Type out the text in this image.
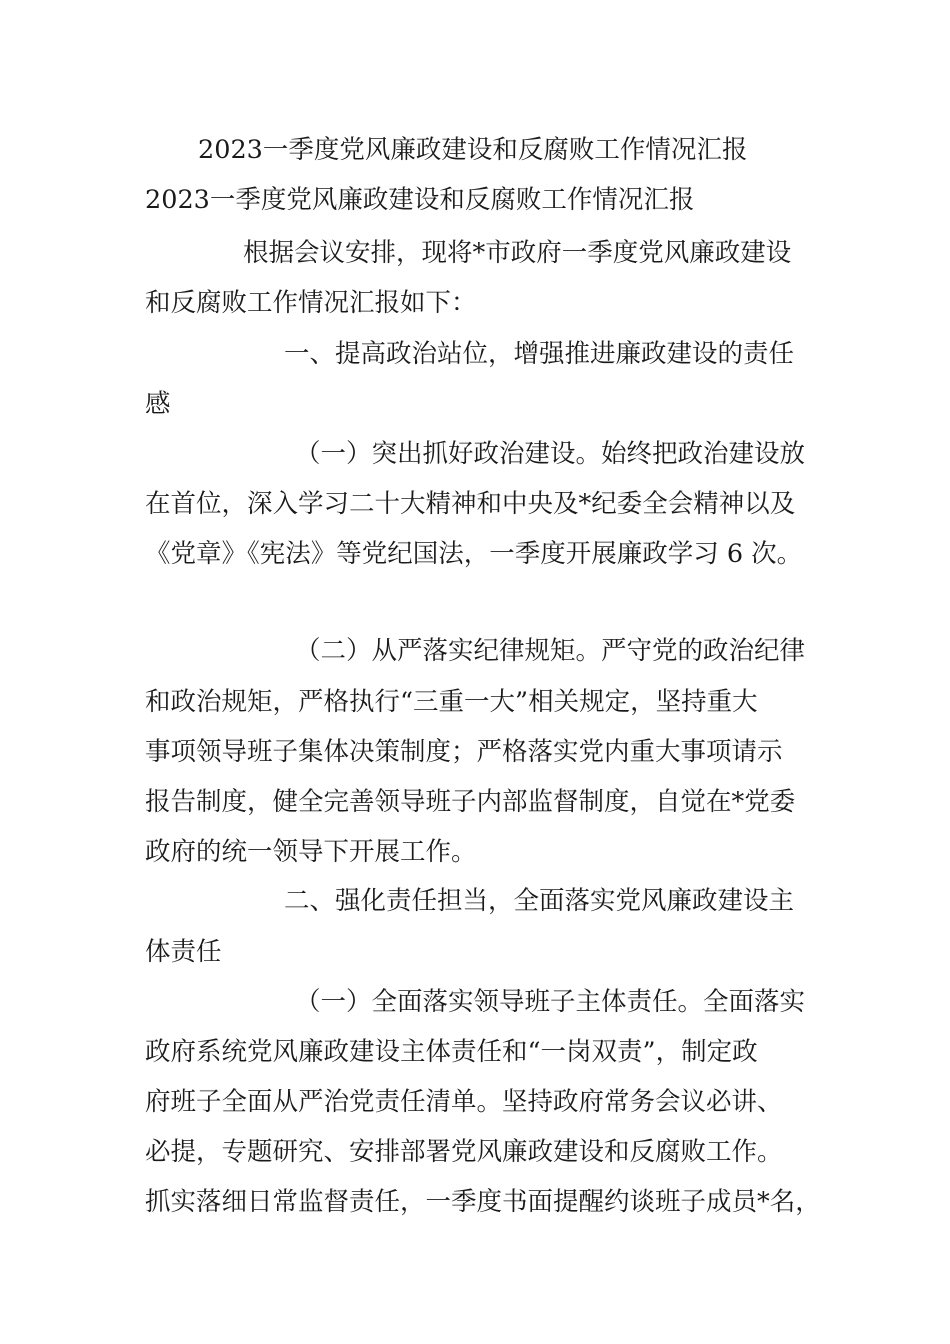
2023一季度党风廉政建设和反腐败工作情况汇报
2023一季度党风廉政建设和反腐败工作情况汇报
根据会议安排，现将*市政府一季度党风廉政建设
和反腐败工作情况汇报如下：
一、提高政治站位，增强推进廉政建设的责任
感
（一）突出抓好政治建设。始终把政治建设放
在首位，深入学习二十大精神和中央及*纪委全会精神以及
《党章》《宪法》等党纪国法，一季度开展廉政学习 6 次。
（二）从严落实纪律规矩。严守党的政治纪律
和政治规矩，严格执行“三重一大”相关规定，坚持重大
事项领导班子集体决策制度；严格落实党内重大事项请示
报告制度，健全完善领导班子内部监督制度，自觉在*党委
政府的统一领导下开展工作。
二、强化责任担当，全面落实党风廉政建设主
体责任
（一）全面落实领导班子主体责任。全面落实
政府系统党风廉政建设主体责任和“一岗双责”，制定政
府班子全面从严治党责任清单。坚持政府常务会议必讲、
必提，专题研究、安排部署党风廉政建设和反腐败工作。
抓实落细日常监督责任，一季度书面提醒约谈班子成员*名，
